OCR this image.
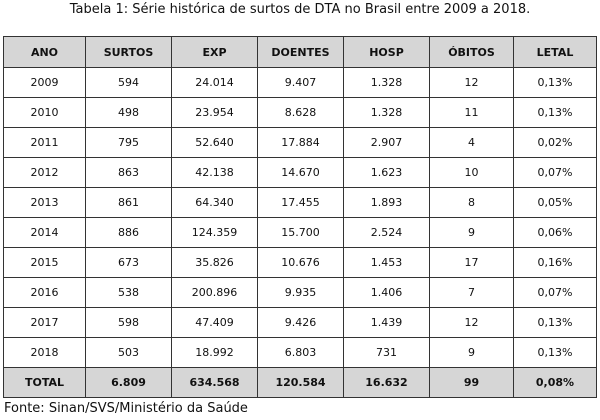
Tabela 1: Série histórica de surtos de DTA no Brasil entre 2009 a 2018.
ANO	SURTOS	EXP	DOENTES	HOSP	ÓBITOS	LETAL
2009	594	24.014	9.407	1.328	12	0,13%
2010	498	23.954	8.628	1.328	11	0,13%
2011	795	52.640	17.884	2.907	4	0,02%
2012	863	42.138	14.670	1.623	10	0,07%
2013	861	64.340	17.455	1.893	8	0,05%
2014	886	124.359	15.700	2.524	9	0,06%
2015	673	35.826	10.676	1.453	17	0,16%
2016	538	200.896	9.935	1.406	7	0,07%
2017	598	47.409	9.426	1.439	12	0,13%
2018	503	18.992	6.803	731	9	0,13%
TOTAL	6.809	634.568	120.584	16.632	99	0,08%
Fonte: Sinan/SVS/Ministério da Saúde
